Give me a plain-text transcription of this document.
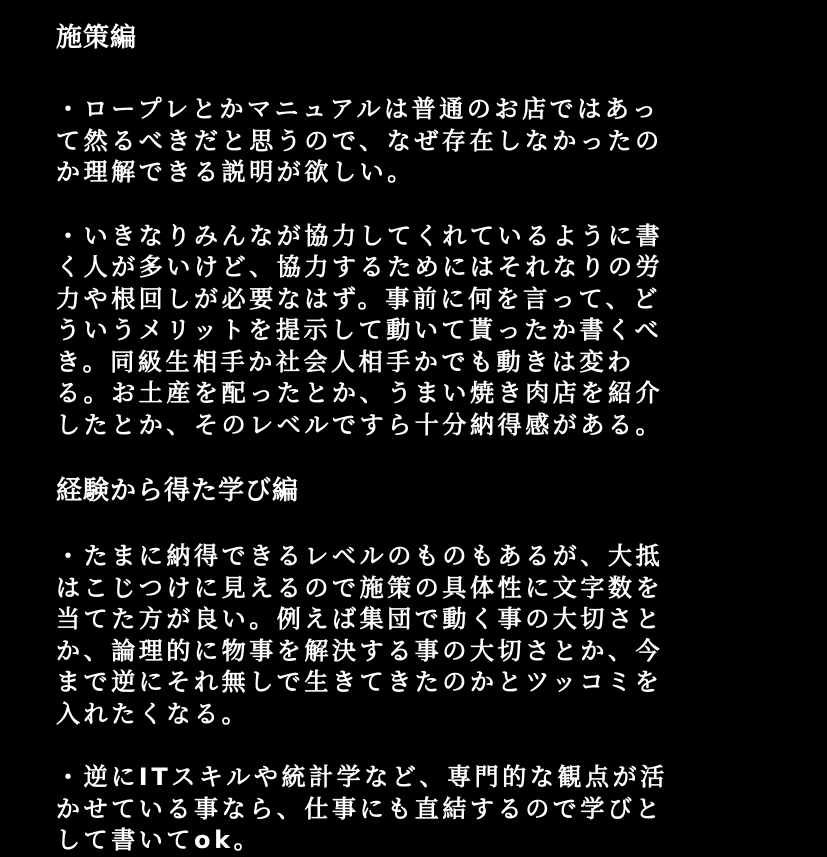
施策編

・ロープレとかマニュアルは普通のお店ではあっ
て然るべきだと思うので、なぜ存在しなかったの
か理解できる説明が欲しい。

・いきなりみんなが協力してくれているように書
く人が多いけど、協力するためにはそれなりの労
力や根回しが必要なはず。事前に何を言って、ど
ういうメリットを提示して動いて貰ったか書くべ
き。同級生相手か社会人相手かでも動きは変わ
る。お土産を配ったとか、うまい焼き肉店を紹介
したとか、そのレベルですら十分納得感がある。

経験から得た学び編

・たまに納得できるレベルのものもあるが、大抵
はこじつけに見えるので施策の具体性に文字数を
当てた方が良い。例えば集団で動く事の大切さと
か、論理的に物事を解決する事の大切さとか、今
まで逆にそれ無しで生きてきたのかとツッコミを
入れたくなる。

・逆にITスキルや統計学など、専門的な観点が活
かせている事なら、仕事にも直結するので学びと
して書いてok。
